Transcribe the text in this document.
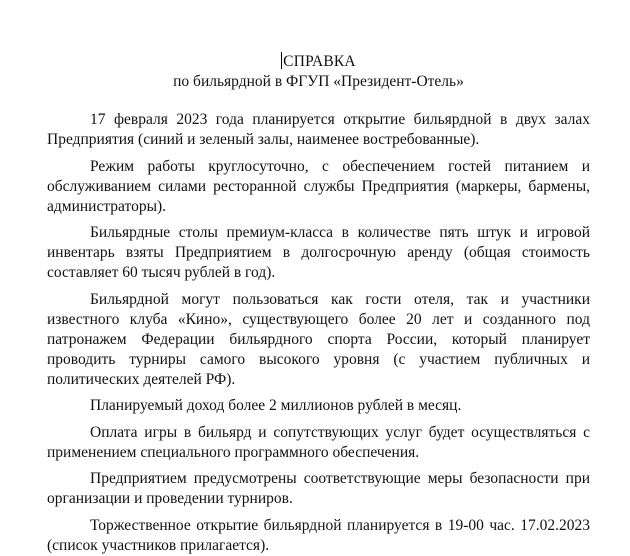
СПРАВКА
по бильярдной в ФГУП «Президент-Отель»

17 февраля 2023 года планируется открытие бильярдной в двух залах Предприятия (синий и зеленый залы, наименее востребованные).

Режим работы круглосуточно, с обеспечением гостей питанием и обслуживанием силами ресторанной службы Предприятия (маркеры, бармены, администраторы).

Бильярдные столы премиум-класса в количестве пять штук и игровой инвентарь взяты Предприятием в долгосрочную аренду (общая стоимость составляет 60 тысяч рублей в год).

Бильярдной могут пользоваться как гости отеля, так и участники известного клуба «Кино», существующего более 20 лет и созданного под патронажем Федерации бильярдного спорта России, который планирует проводить турниры самого высокого уровня (с участием публичных и политических деятелей РФ).

Планируемый доход более 2 миллионов рублей в месяц.

Оплата игры в бильярд и сопутствующих услуг будет осуществляться с применением специального программного обеспечения.

Предприятием предусмотрены соответствующие меры безопасности при организации и проведении турниров.

Торжественное открытие бильярдной планируется в 19-00 час. 17.02.2023 (список участников прилагается).
